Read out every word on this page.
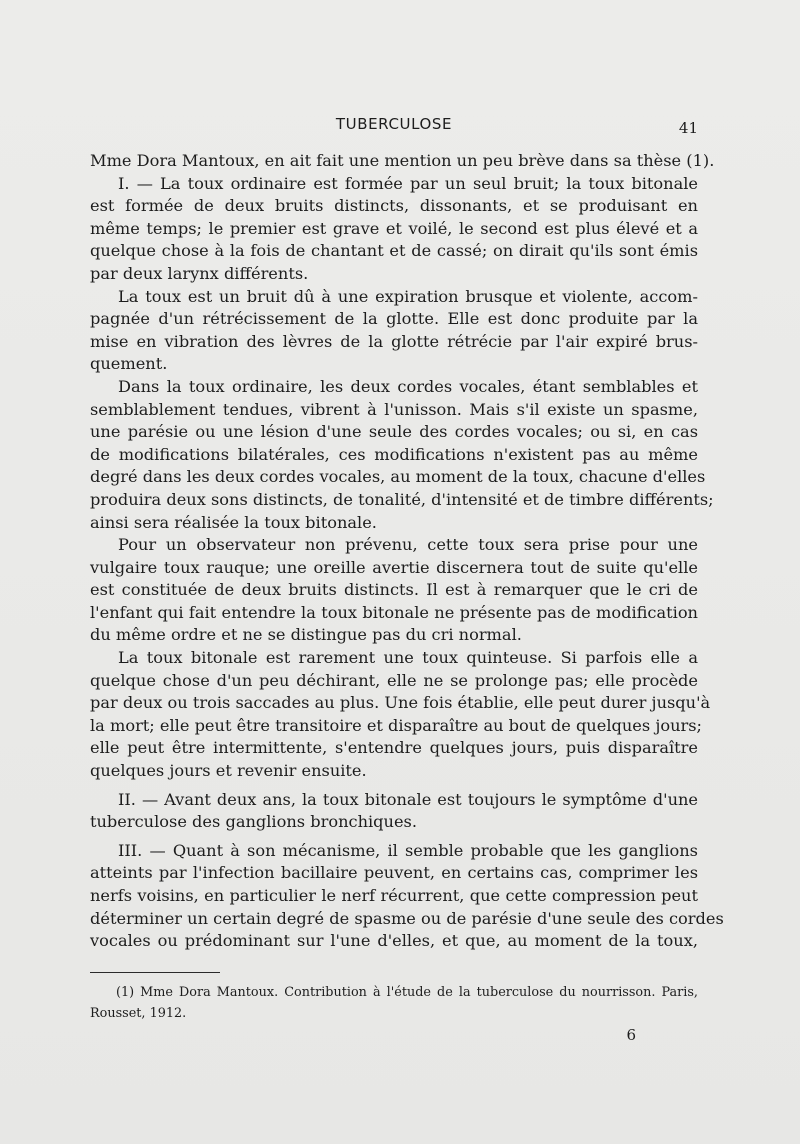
TUBERCULOSE	41
Mme Dora Mantoux, en ait fait une mention un peu brève dans sa thèse (1).
I. — La toux ordinaire est formée par un seul bruit; la toux bitonale
est formée de deux bruits distincts, dissonants, et se produisant en
même temps; le premier est grave et voilé, le second est plus élevé et a
quelque chose à la fois de chantant et de cassé; on dirait qu'ils sont émis
par deux larynx différents.
La toux est un bruit dû à une expiration brusque et violente, accom-
pagnée d'un rétrécissement de la glotte. Elle est donc produite par la
mise en vibration des lèvres de la glotte rétrécie par l'air expiré brus-
quement.
Dans la toux ordinaire, les deux cordes vocales, étant semblables et
semblablement tendues, vibrent à l'unisson. Mais s'il existe un spasme,
une parésie ou une lésion d'une seule des cordes vocales; ou si, en cas
de modifications bilatérales, ces modifications n'existent pas au même
degré dans les deux cordes vocales, au moment de la toux, chacune d'elles
produira deux sons distincts, de tonalité, d'intensité et de timbre différents;
ainsi sera réalisée la toux bitonale.
Pour un observateur non prévenu, cette toux sera prise pour une
vulgaire toux rauque; une oreille avertie discernera tout de suite qu'elle
est constituée de deux bruits distincts. Il est à remarquer que le cri de
l'enfant qui fait entendre la toux bitonale ne présente pas de modification
du même ordre et ne se distingue pas du cri normal.
La toux bitonale est rarement une toux quinteuse. Si parfois elle a
quelque chose d'un peu déchirant, elle ne se prolonge pas; elle procède
par deux ou trois saccades au plus. Une fois établie, elle peut durer jusqu'à
la mort; elle peut être transitoire et disparaître au bout de quelques jours;
elle peut être intermittente, s'entendre quelques jours, puis disparaître
quelques jours et revenir ensuite.
II. — Avant deux ans, la toux bitonale est toujours le symptôme d'une
tuberculose des ganglions bronchiques.
III. — Quant à son mécanisme, il semble probable que les ganglions
atteints par l'infection bacillaire peuvent, en certains cas, comprimer les
nerfs voisins, en particulier le nerf récurrent, que cette compression peut
déterminer un certain degré de spasme ou de parésie d'une seule des cordes
vocales ou prédominant sur l'une d'elles, et que, au moment de la toux,
(1) Mme Dora Mantoux. Contribution à l'étude de la tuberculose du nourrisson. Paris,
Rousset, 1912.
6
